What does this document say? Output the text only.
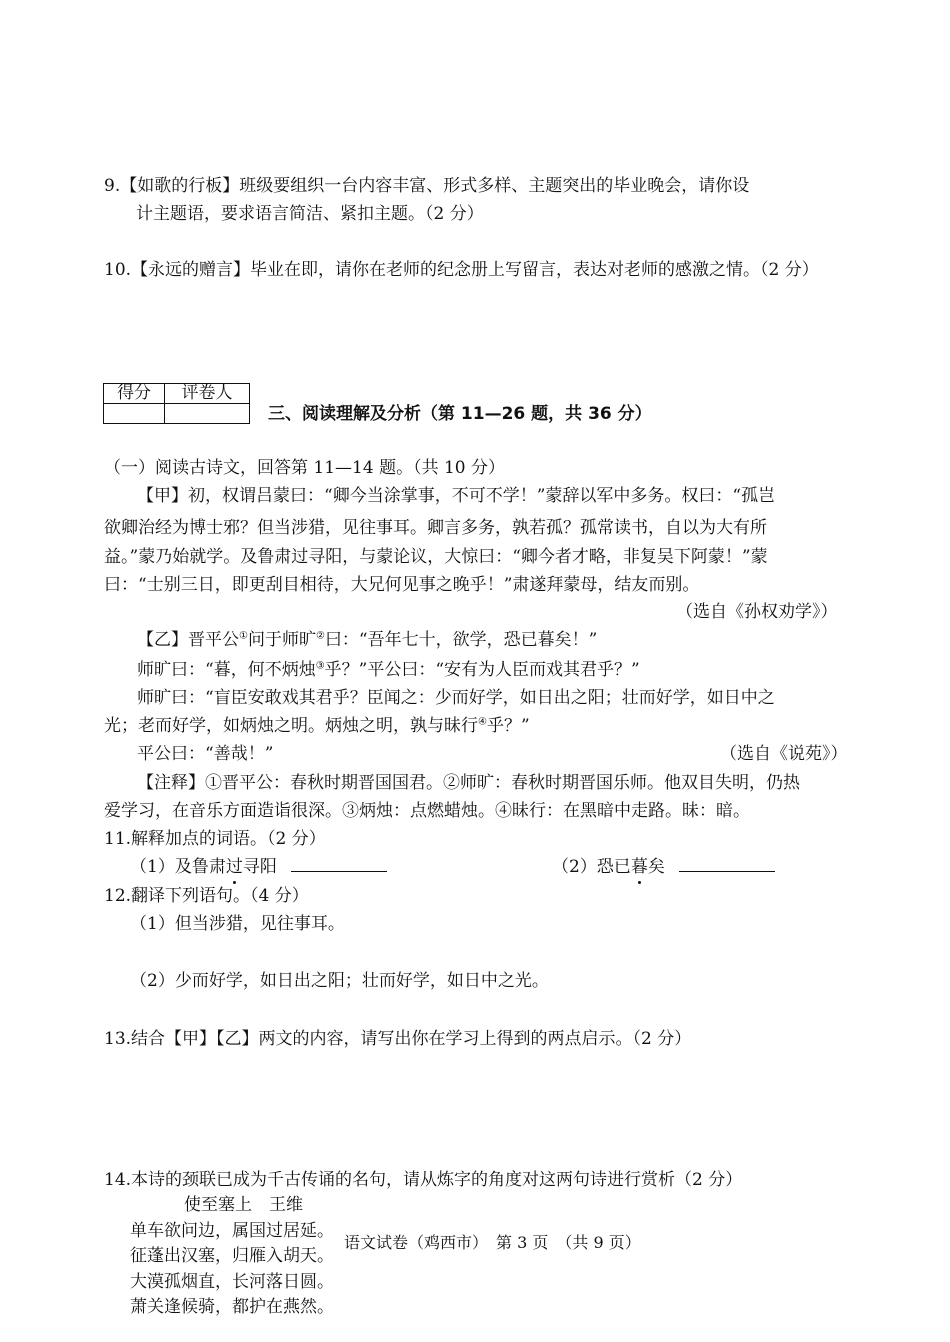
9.【如歌的行板】班级要组织一台内容丰富、形式多样、主题突出的毕业晚会，请你设
计主题语，要求语言简洁、紧扣主题。（2 分）
10.【永远的赠言】毕业在即，请你在老师的纪念册上写留言，表达对老师的感激之情。（2 分）
得分	评卷人

三、阅读理解及分析（第 11—26 题，共 36 分）
（一）阅读古诗文，回答第 11—14 题。（共 10 分）
【甲】初，权谓吕蒙曰：“卿今当涂掌事，不可不学！”蒙辞以军中多务。权曰：“孤岂
欲卿治经为博士邪？但当涉猎，见往事耳。卿言多务，孰若孤？孤常读书，自以为大有所
益。”蒙乃始就学。及鲁肃过寻阳，与蒙论议，大惊曰：“卿今者才略，非复吴下阿蒙！”蒙
曰：“士别三日，即更刮目相待，大兄何见事之晚乎！”肃遂拜蒙母，结友而别。
（选自《孙权劝学》）
【乙】晋平公①问于师旷②曰：“吾年七十，欲学，恐已暮矣！”
师旷曰：“暮，何不炳烛③乎？”平公曰：“安有为人臣而戏其君乎？”
师旷曰：“盲臣安敢戏其君乎？臣闻之：少而好学，如日出之阳；壮而好学，如日中之
光；老而好学，如炳烛之明。炳烛之明，孰与昧行④乎？”
平公曰：“善哉！”	（选自《说苑》）
【注释】①晋平公：春秋时期晋国国君。②师旷：春秋时期晋国乐师。他双目失明，仍热
爱学习，在音乐方面造诣很深。③炳烛：点燃蜡烛。④昧行：在黑暗中走路。昧：暗。
11.解释加点的词语。（2 分）
（1）及鲁肃过寻阳	（2）恐已暮矣
12.翻译下列语句。（4 分）
（1）但当涉猎，见往事耳。
（2）少而好学，如日出之阳；壮而好学，如日中之光。
13.结合【甲】【乙】两文的内容，请写出你在学习上得到的两点启示。（2 分）
14.本诗的颈联已成为千古传诵的名句，请从炼字的角度对这两句诗进行赏析（2 分）
使至塞上　王维
单车欲问边，属国过居延。
征蓬出汉塞，归雁入胡天。
大漠孤烟直，长河落日圆。
萧关逢候骑，都护在燕然。
语文试卷（鸡西市）　第 3 页　（共 9 页）
